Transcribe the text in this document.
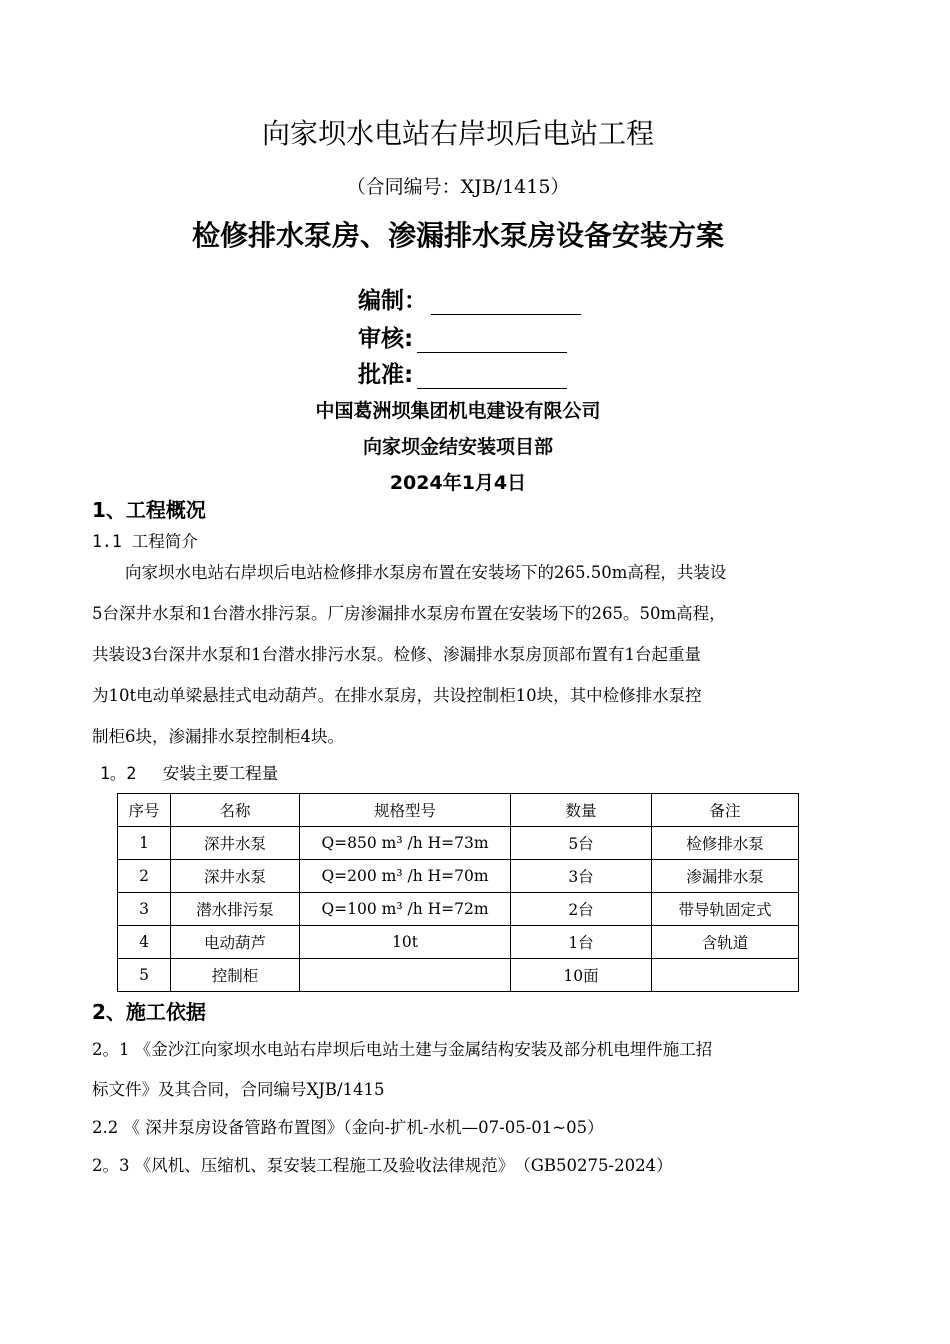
向家坝水电站右岸坝后电站工程
（合同编号：XJB/1415）
检修排水泵房、渗漏排水泵房设备安装方案
编制：
审核:
批准:
中国葛洲坝集团机电建设有限公司
向家坝金结安装项目部
2024年1月4日
1、工程概况
1.1 工程简介
　　向家坝水电站右岸坝后电站检修排水泵房布置在安装场下的265.50m高程，共装设
5台深井水泵和1台潜水排污泵。厂房渗漏排水泵房布置在安装场下的265。50m高程，
共装设3台深井水泵和1台潜水排污水泵。检修、渗漏排水泵房顶部布置有1台起重量
为10t电动单梁悬挂式电动葫芦。在排水泵房，共设控制柜10块，其中检修排水泵控
制柜6块，渗漏排水泵控制柜4块。
1。2　 安装主要工程量
序号	名称	规格型号	数量	备注
1	深井水泵	Q=850 m³ /h H=73m	5台	检修排水泵
2	深井水泵	Q=200 m³ /h H=70m	3台	渗漏排水泵
3	潜水排污泵	Q=100 m³ /h H=72m	2台	带导轨固定式
4	电动葫芦	10t	1台	含轨道
5	控制柜		10面	
2、施工依据
2。1 《金沙江向家坝水电站右岸坝后电站土建与金属结构安装及部分机电埋件施工招
标文件》及其合同，合同编号XJB/1415
2.2 《 深井泵房设备管路布置图》（金向-扩机-水机—07-05-01~05）
2。3 《风机、压缩机、泵安装工程施工及验收法律规范》　（GB50275-2024）
